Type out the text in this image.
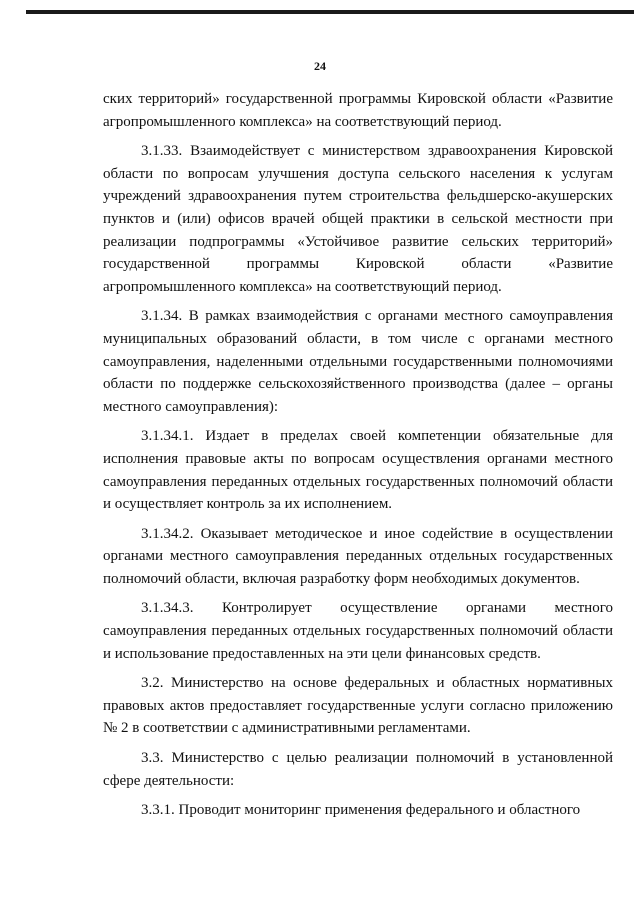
24

ских территорий» государственной программы Кировской области «Развитие агропромышленного комплекса» на соответствующий период.

3.1.33. Взаимодействует с министерством здравоохранения Кировской области по вопросам улучшения доступа сельского населения к услугам учреждений здравоохранения путем строительства фельдшерско-акушерских пунктов и (или) офисов врачей общей практики в сельской местности при реализации подпрограммы «Устойчивое развитие сельских территорий» государственной программы Кировской области «Развитие агропромышленного комплекса» на соответствующий период.

3.1.34. В рамках взаимодействия с органами местного самоуправления муниципальных образований области, в том числе с органами местного самоуправления, наделенными отдельными государственными полномочиями области по поддержке сельскохозяйственного производства (далее – органы местного самоуправления):

3.1.34.1. Издает в пределах своей компетенции обязательные для исполнения правовые акты по вопросам осуществления органами местного самоуправления переданных отдельных государственных полномочий области и осуществляет контроль за их исполнением.

3.1.34.2. Оказывает методическое и иное содействие в осуществлении органами местного самоуправления переданных отдельных государственных полномочий области, включая разработку форм необходимых документов.

3.1.34.3. Контролирует осуществление органами местного самоуправления переданных отдельных государственных полномочий области и использование предоставленных на эти цели финансовых средств.

3.2. Министерство на основе федеральных и областных нормативных правовых актов предоставляет государственные услуги согласно приложению № 2 в соответствии с административными регламентами.

3.3. Министерство с целью реализации полномочий в установленной сфере деятельности:

3.3.1. Проводит мониторинг применения федерального и областного
